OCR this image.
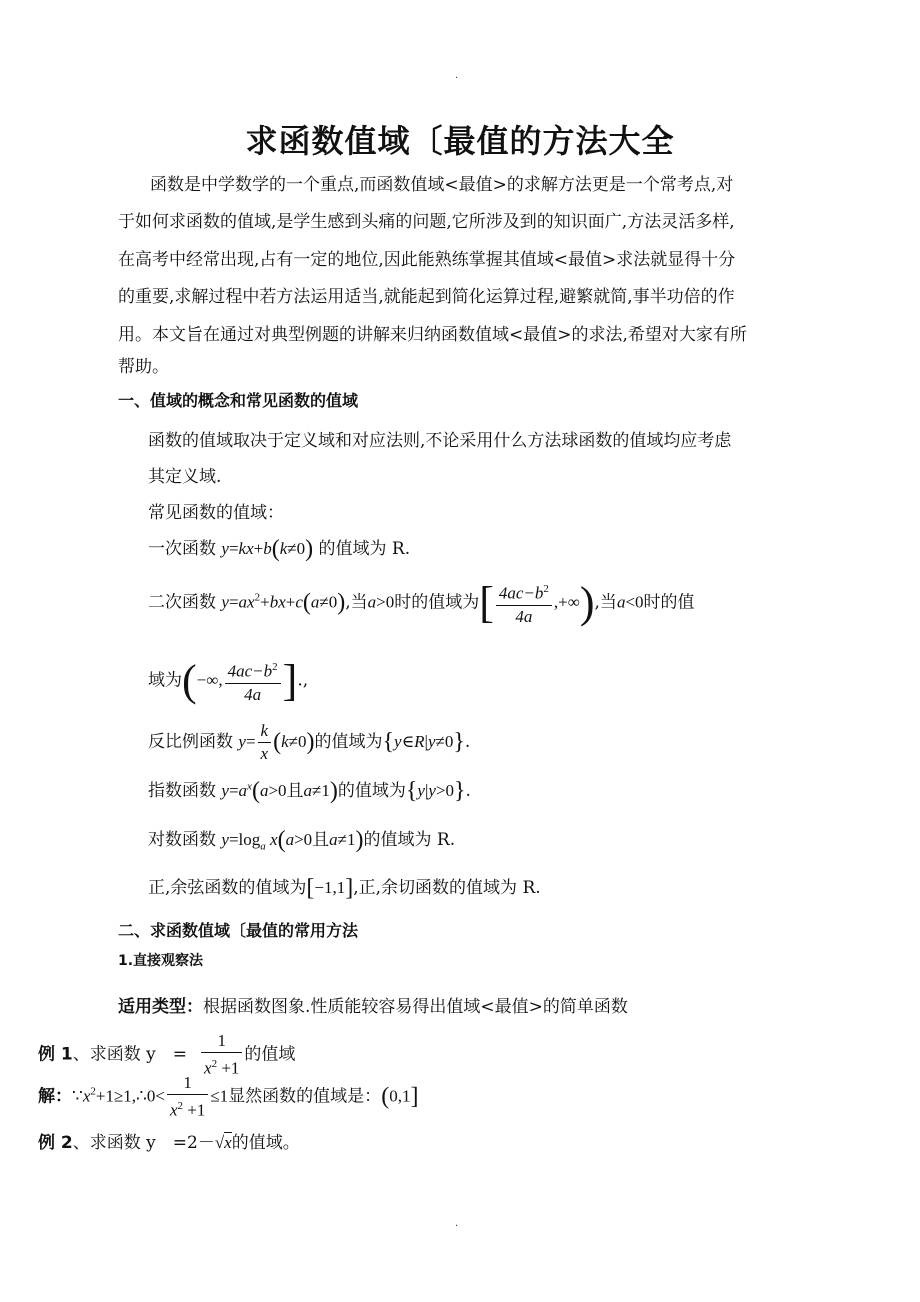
.
求函数值域〔最值的方法大全
函数是中学数学的一个重点,而函数值域<最值>的求解方法更是一个常考点,对
于如何求函数的值域,是学生感到头痛的问题,它所涉及到的知识面广,方法灵活多样,
在高考中经常出现,占有一定的地位,因此能熟练掌握其值域<最值>求法就显得十分
的重要,求解过程中若方法运用适当,就能起到简化运算过程,避繁就简,事半功倍的作
用。本文旨在通过对典型例题的讲解来归纳函数值域<最值>的求法,希望对大家有所
帮助。
一、值域的概念和常见函数的值域
函数的值域取决于定义域和对应法则,不论采用什么方法球函数的值域均应考虑
其定义域.
常见函数的值域：
一次函数 y=kx+b(k≠0) 的值域为 R.
二次函数 $y=ax^2+bx+c(a\ne 0)$,当a>0时的值域为[ $\frac{4ac-b^2}{4a}$ ,+∞),当a<0时的值
域为(−∞, $\frac{4ac-b^2}{4a}$ ].,
反比例函数 $y= \frac{k}{x} (k\ne 0)$的值域为{y∈R|y≠0}.
指数函数 $y=a^x(a>0$且a≠1)的值域为{y|y>0}.
对数函数 $y=\log_a$ x(a>0且a≠1)的值域为 R.
正,余弦函数的值域为[−1,1],正,余切函数的值域为 R.
二、求函数值域〔最值的常用方法
1.直接观察法
适用类型：根据函数图象.性质能较容易得出值域<最值>的简单函数
例 1、求函数 y　= $\frac{1}{x^2 +1}$ 的值域
解：$\because x^2+1\ge 1,\therefore 0< \frac{1}{x^2 +1} \le 1$显然函数的值域是：(0,1]
例 2、求函数 y　=2－√x的值域。
.
